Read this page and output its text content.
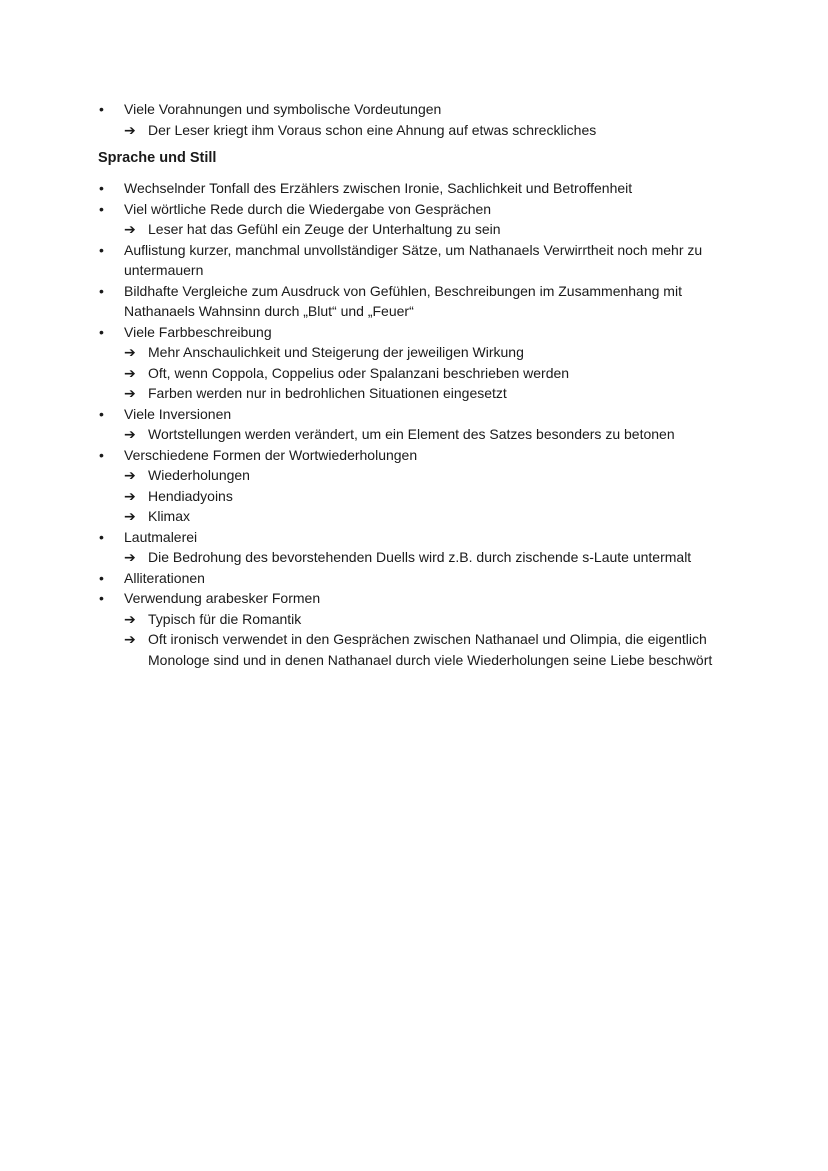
• Viele Vorahnungen und symbolische Vordeutungen
➔ Der Leser kriegt ihm Voraus schon eine Ahnung auf etwas schreckliches
Sprache und Still
• Wechselnder Tonfall des Erzählers zwischen Ironie, Sachlichkeit und Betroffenheit
• Viel wörtliche Rede durch die Wiedergabe von Gesprächen
➔ Leser hat das Gefühl ein Zeuge der Unterhaltung zu sein
• Auflistung kurzer, manchmal unvollständiger Sätze, um Nathanaels Verwirrtheit noch mehr zu untermauern
• Bildhafte Vergleiche zum Ausdruck von Gefühlen, Beschreibungen im Zusammenhang mit Nathanaels Wahnsinn durch „Blut“ und „Feuer“
• Viele Farbbeschreibung
➔ Mehr Anschaulichkeit und Steigerung der jeweiligen Wirkung
➔ Oft, wenn Coppola, Coppelius oder Spalanzani beschrieben werden
➔ Farben werden nur in bedrohlichen Situationen eingesetzt
• Viele Inversionen
➔ Wortstellungen werden verändert, um ein Element des Satzes besonders zu betonen
• Verschiedene Formen der Wortwiederholungen
➔ Wiederholungen
➔ Hendiadyoins
➔ Klimax
• Lautmalerei
➔ Die Bedrohung des bevorstehenden Duells wird z.B. durch zischende s-Laute untermalt
• Alliterationen
• Verwendung arabesker Formen
➔ Typisch für die Romantik
➔ Oft ironisch verwendet in den Gesprächen zwischen Nathanael und Olimpia, die eigentlich Monologe sind und in denen Nathanael durch viele Wiederholungen seine Liebe beschwört
